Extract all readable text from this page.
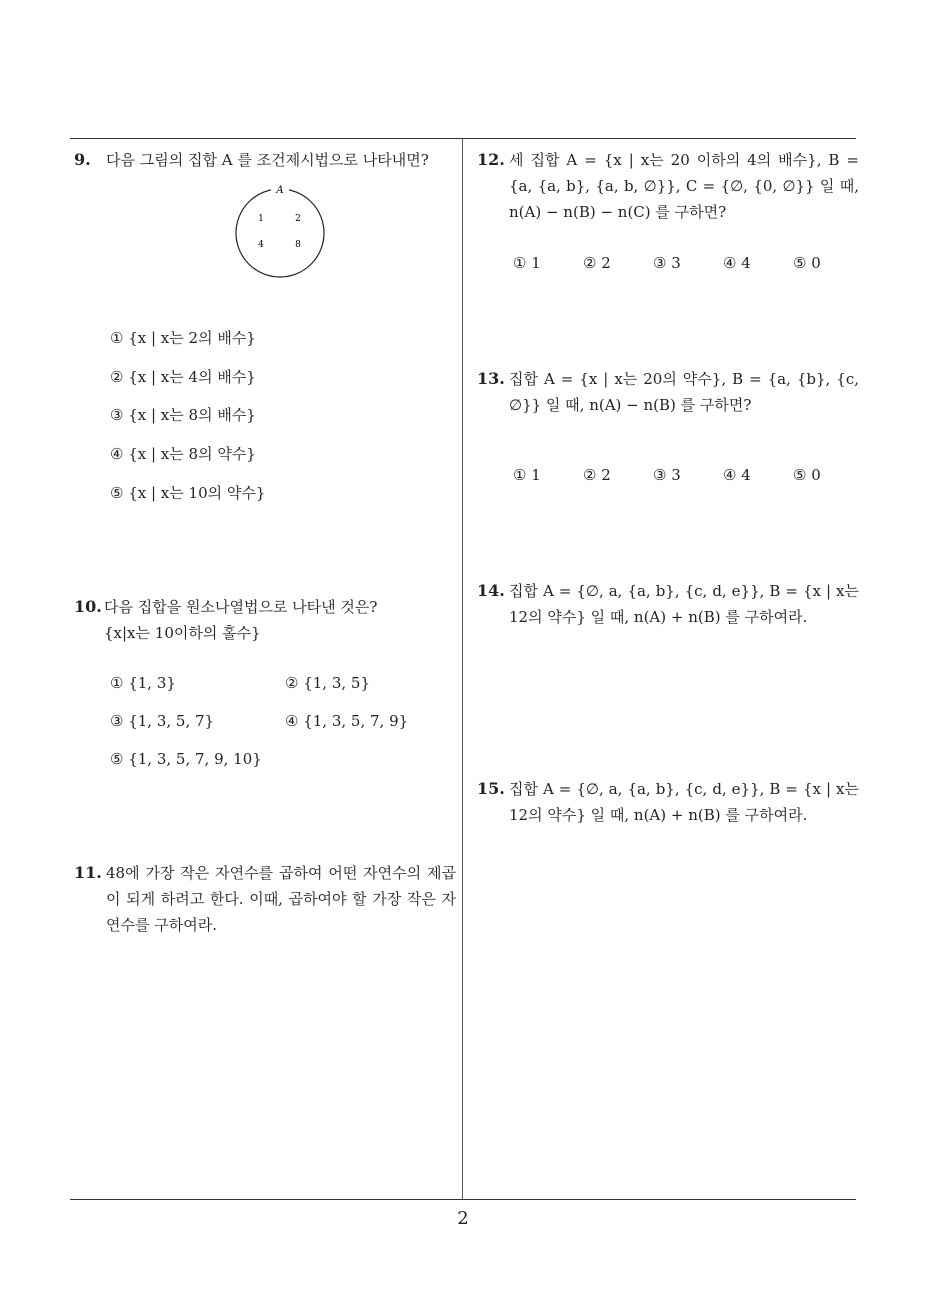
9.	다음 그림의 집합 A 를 조건제시법으로 나타내면?
A
1	2
4	8
① {x | x는 2의 배수}
② {x | x는 4의 배수}
③ {x | x는 8의 배수}
④ {x | x는 8의 약수}
⑤ {x | x는 10의 약수}
10. 다음 집합을 원소나열법으로 나타낸 것은?
{x|x는 10이하의 홀수}
① {1, 3}	② {1, 3, 5}
③ {1, 3, 5, 7}	④ {1, 3, 5, 7, 9}
⑤ {1, 3, 5, 7, 9, 10}
11. 48에 가장 작은 자연수를 곱하여 어떤 자연수의 제곱이 되게 하려고 한다. 이때, 곱하여야 할 가장 작은 자연수를 구하여라.
12. 세 집합 A = {x | x는 20 이하의 4의 배수}, B = {a, {a, b}, {a, b, ∅}}, C = {∅, {0, ∅}} 일 때, n(A) − n(B) − n(C) 를 구하면?
① 1	② 2	③ 3	④ 4	⑤ 0
13. 집합 A = {x | x는 20의 약수}, B = {a, {b}, {c, ∅}} 일 때, n(A) − n(B) 를 구하면?
① 1	② 2	③ 3	④ 4	⑤ 0
14. 집합 A = {∅, a, {a, b}, {c, d, e}}, B = {x | x는 12의 약수} 일 때, n(A) + n(B) 를 구하여라.
15. 집합 A = {∅, a, {a, b}, {c, d, e}}, B = {x | x는 12의 약수} 일 때, n(A) + n(B) 를 구하여라.
2
